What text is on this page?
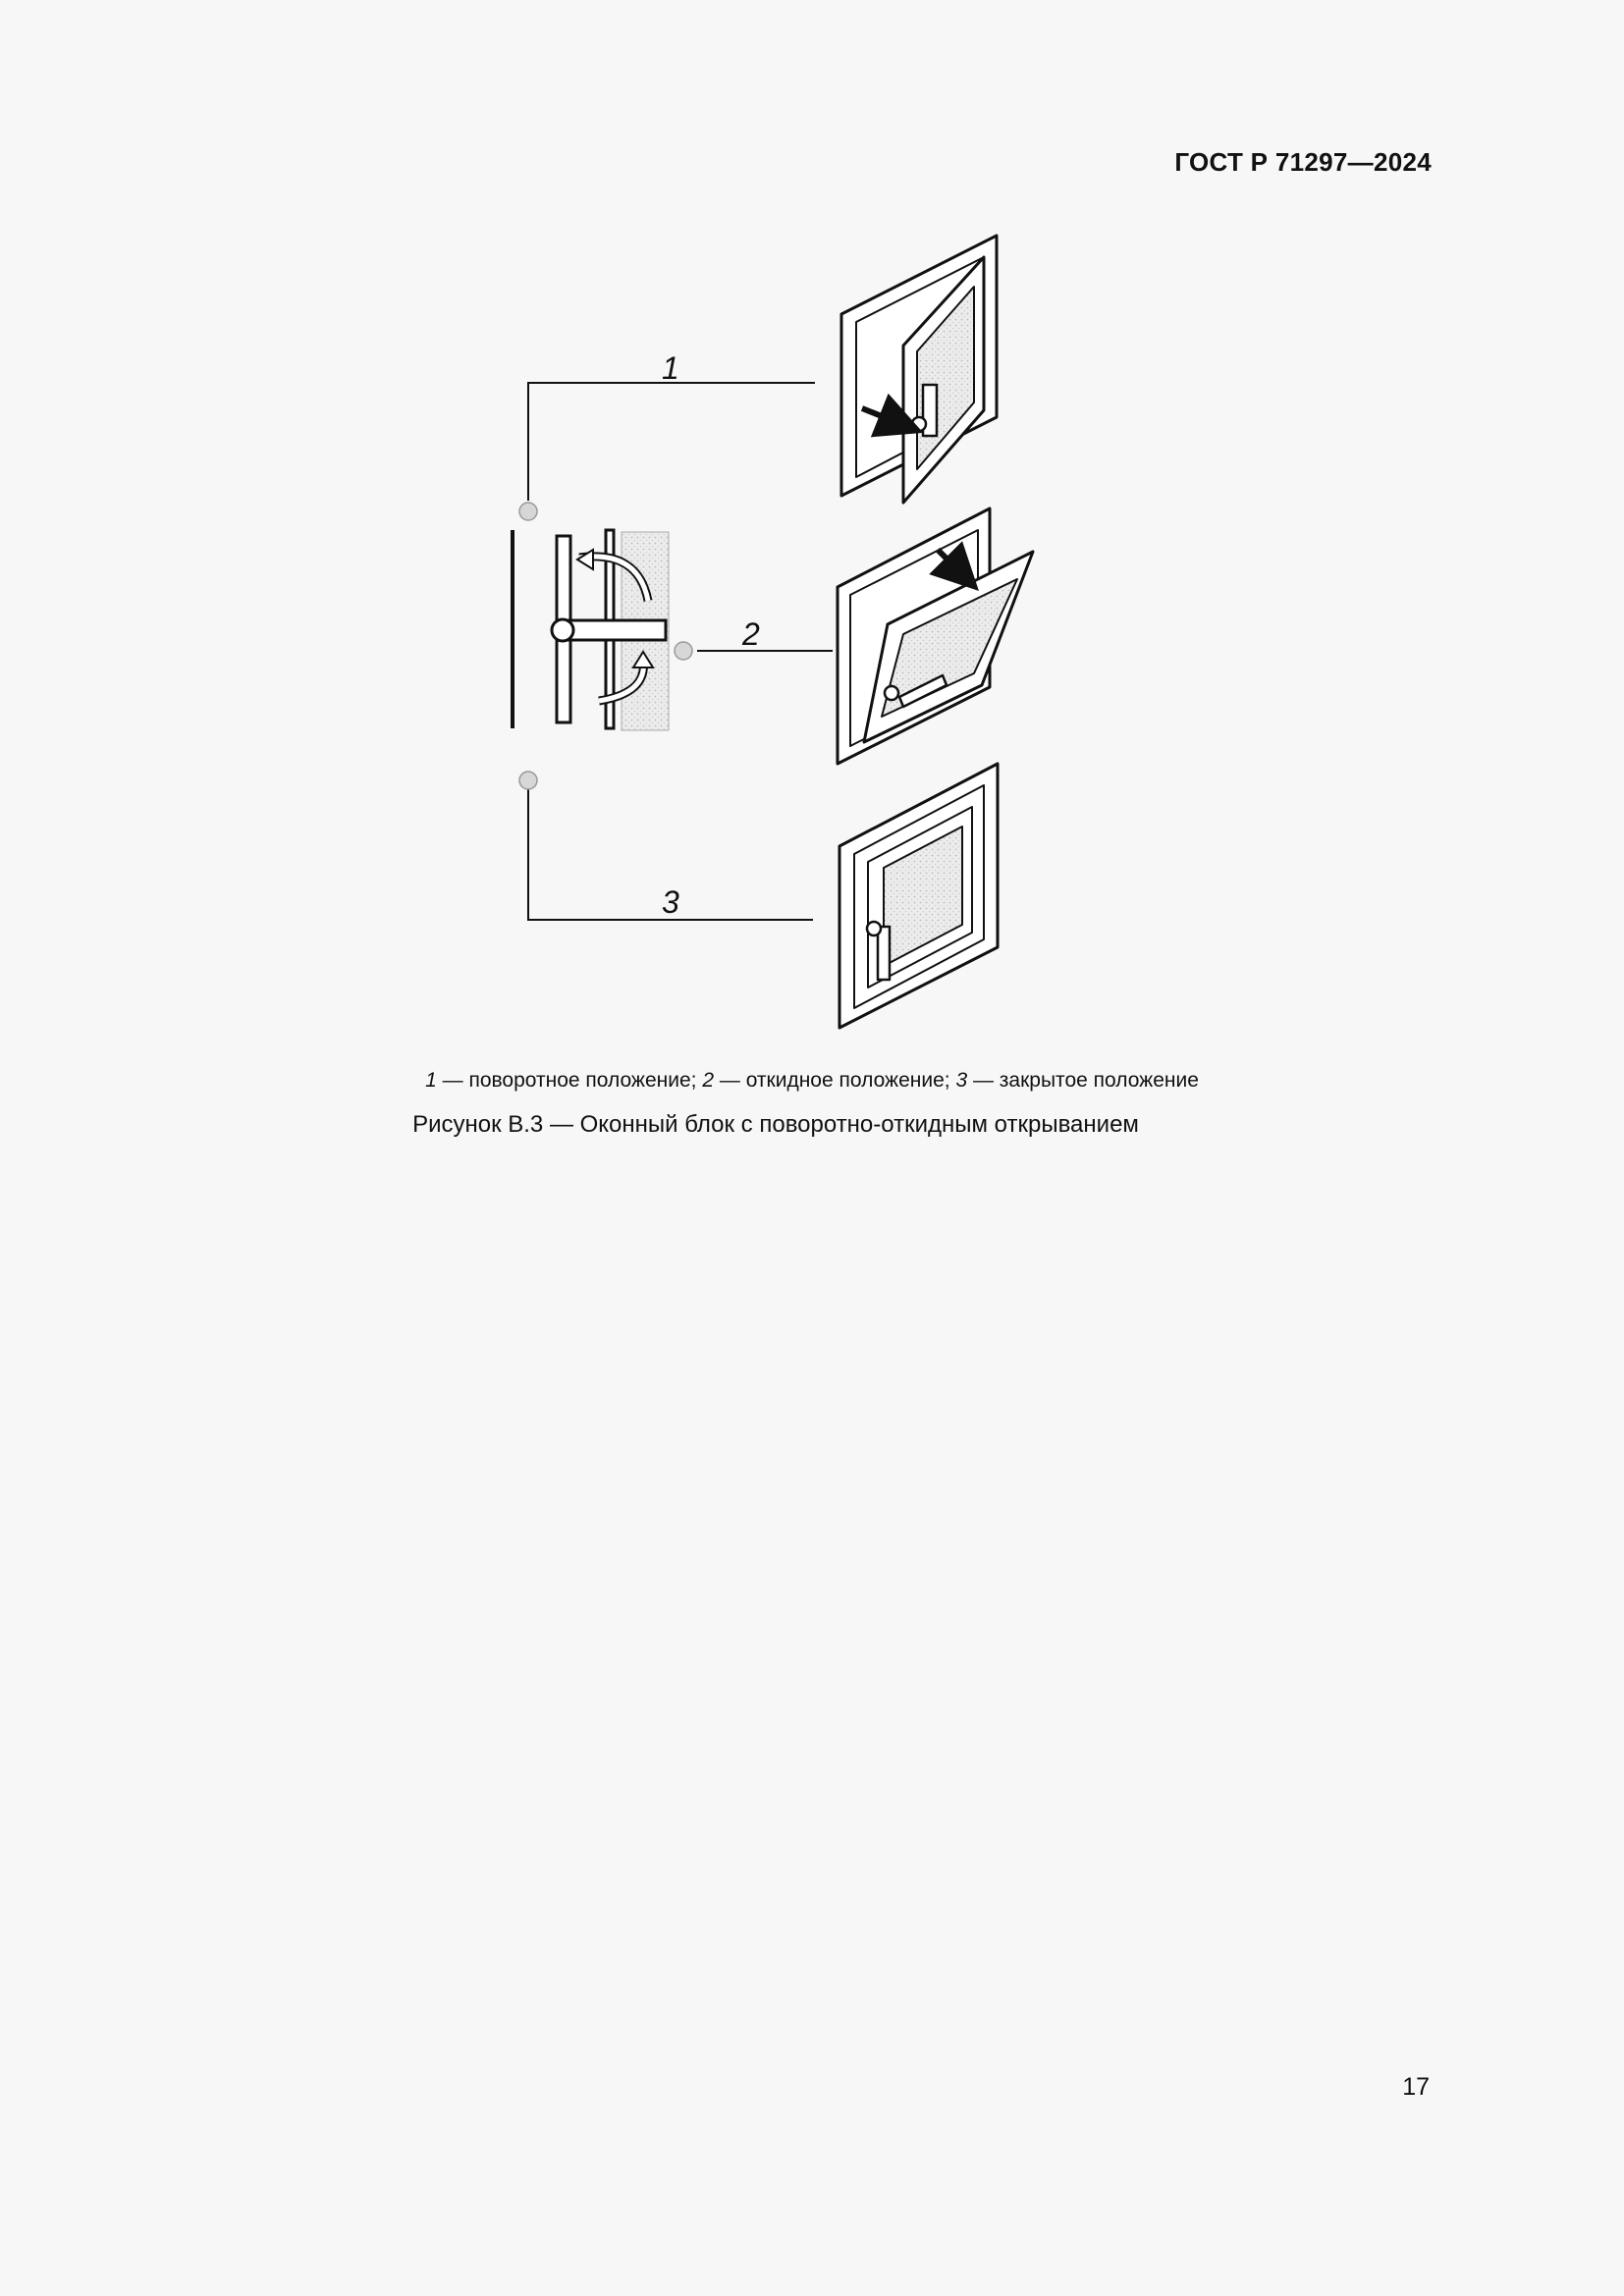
ГОСТ Р 71297—2024
1
2
3
1 — поворотное положение; 2 — откидное положение; 3 — закрытое положение
Рисунок В.3 — Оконный блок с поворотно-откидным открыванием
17
